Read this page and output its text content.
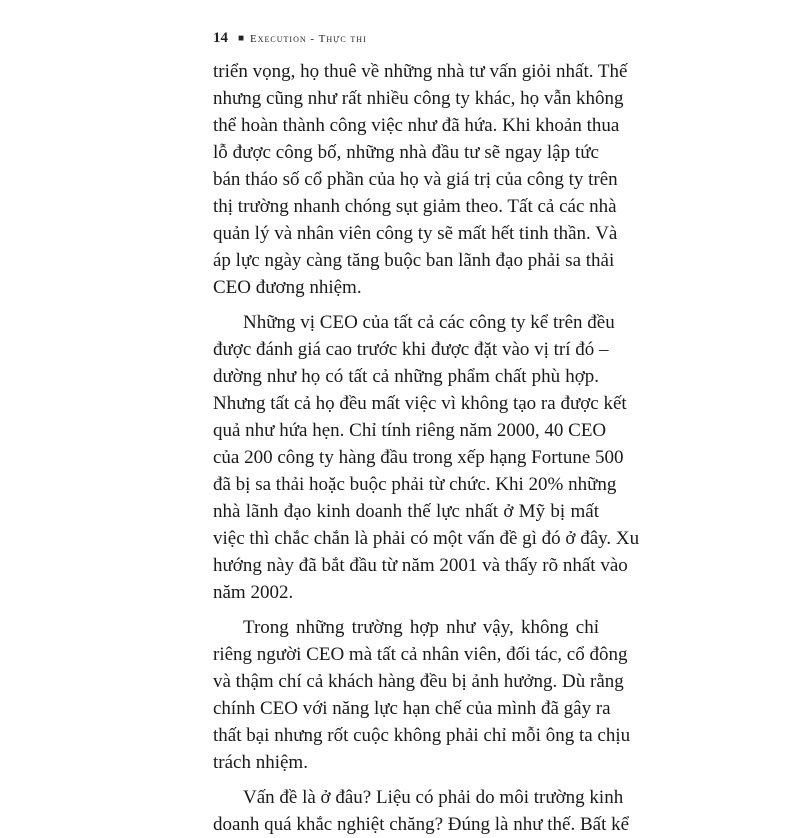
14 ■ Execution - Thực thi
triển vọng, họ thuê về những nhà tư vấn giỏi nhất. Thế
nhưng cũng như rất nhiều công ty khác, họ vẫn không
thể hoàn thành công việc như đã hứa. Khi khoản thua
lỗ được công bố, những nhà đầu tư sẽ ngay lập tức
bán tháo số cổ phần của họ và giá trị của công ty trên
thị trường nhanh chóng sụt giảm theo. Tất cả các nhà
quản lý và nhân viên công ty sẽ mất hết tinh thần. Và
áp lực ngày càng tăng buộc ban lãnh đạo phải sa thải
CEO đương nhiệm.
Những vị CEO của tất cả các công ty kể trên đều
được đánh giá cao trước khi được đặt vào vị trí đó –
dường như họ có tất cả những phẩm chất phù hợp.
Nhưng tất cả họ đều mất việc vì không tạo ra được kết
quả như hứa hẹn. Chỉ tính riêng năm 2000, 40 CEO
của 200 công ty hàng đầu trong xếp hạng Fortune 500
đã bị sa thải hoặc buộc phải từ chức. Khi 20% những
nhà lãnh đạo kinh doanh thế lực nhất ở Mỹ bị mất
việc thì chắc chắn là phải có một vấn đề gì đó ở đây. Xu
hướng này đã bắt đầu từ năm 2001 và thấy rõ nhất vào
năm 2002.
Trong những trường hợp như vậy, không chỉ
riêng người CEO mà tất cả nhân viên, đối tác, cổ đông
và thậm chí cả khách hàng đều bị ảnh hưởng. Dù rằng
chính CEO với năng lực hạn chế của mình đã gây ra
thất bại nhưng rốt cuộc không phải chỉ mỗi ông ta chịu
trách nhiệm.
Vấn đề là ở đâu? Liệu có phải do môi trường kinh
doanh quá khắc nghiệt chăng? Đúng là như thế. Bất kể
